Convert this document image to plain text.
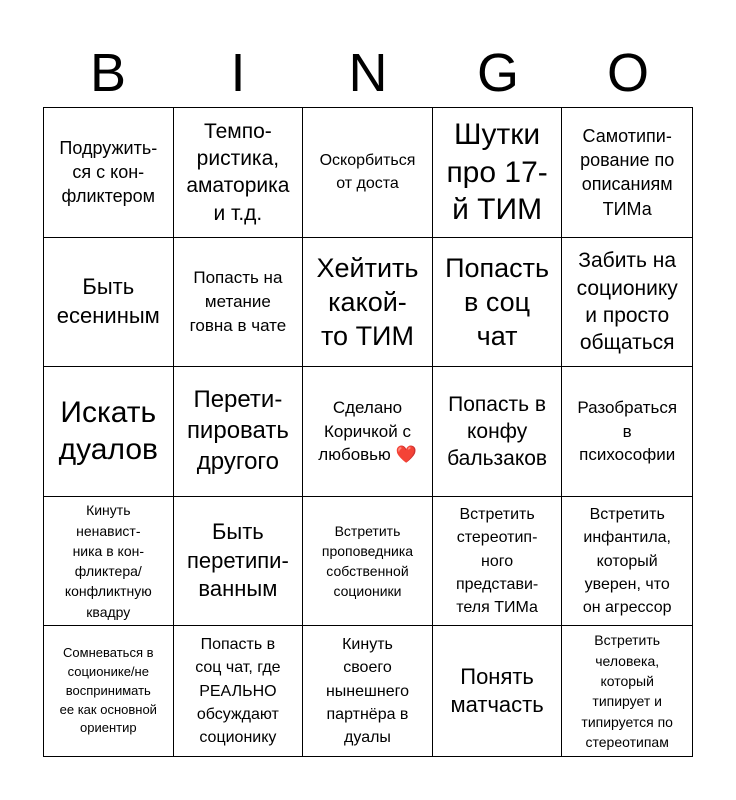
B	I	N	G	O
Подружить-
ся с кон-
фликтером
Темпо-
ристика,
аматорика
и т.д.
Оскорбиться
от доста
Шутки
про 17-
й ТИМ
Самотипи-
рование по
описаниям
ТИМа
Быть
есениным
Попасть на
метание
говна в чате
Хейтить
какой-
то ТИМ
Попасть
в соц
чат
Забить на
соционику
и просто
общаться
Искать
дуалов
Перети-
пировать
другого
Сделано
Коричкой с
любовью ❤️
Попасть в
конфу
бальзаков
Разобраться
в
психософии
Кинуть
ненавист-
ника в кон-
фликтера/
конфликтную
квадру
Быть
перетипи-
ванным
Встретить
проповедника
собственной
соционики
Встретить
стереотип-
ного
представи-
теля ТИМа
Встретить
инфантила,
который
уверен, что
он агрессор
Сомневаться в
соционике/не
воспринимать
ее как основной
ориентир
Попасть в
соц чат, где
РЕАЛЬНО
обсуждают
соционику
Кинуть
своего
нынешнего
партнёра в
дуалы
Понять
матчасть
Встретить
человека,
который
типирует и
типируется по
стереотипам
